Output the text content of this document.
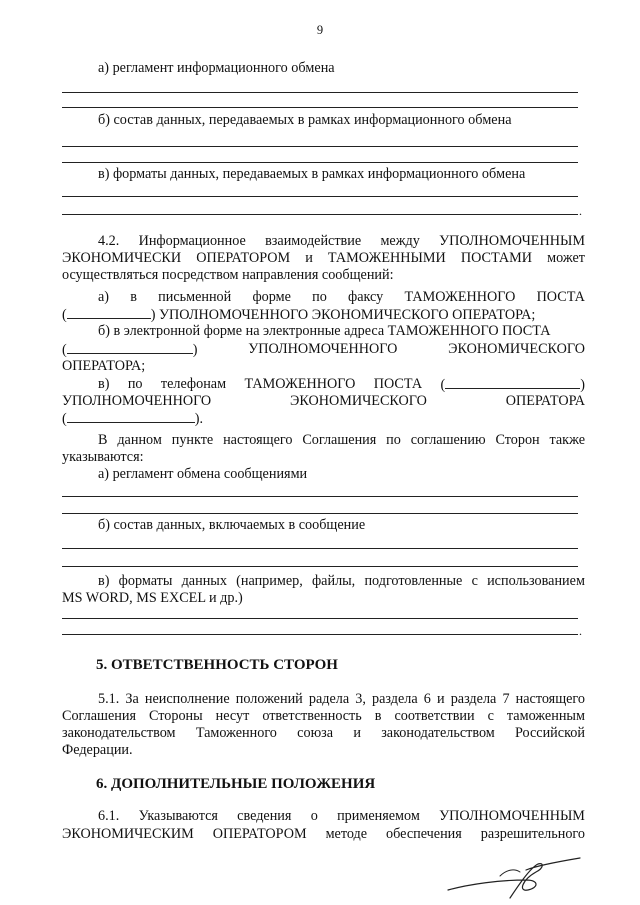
9
а) регламент информационного обмена
б) состав данных, передаваемых в рамках информационного обмена
в) форматы данных, передаваемых в рамках информационного обмена
.
4.2. Информационное взаимодействие между УПОЛНОМОЧЕННЫМ
ЭКОНОМИЧЕСКИ ОПЕРАТОРОМ и ТАМОЖЕННЫМИ ПОСТАМИ может
осуществляться посредством направления сообщений:
а) в письменной форме по факсу ТАМОЖЕННОГО ПОСТА
(	) УПОЛНОМОЧЕННОГО ЭКОНОМИЧЕСКОГО ОПЕРАТОРА;
б) в электронной форме на электронные адреса ТАМОЖЕННОГО ПОСТА
(	)	УПОЛНОМОЧЕННОГО	ЭКОНОМИЧЕСКОГО
ОПЕРАТОРА;
в) по телефонам ТАМОЖЕННОГО ПОСТА (	)
УПОЛНОМОЧЕННОГО	ЭКОНОМИЧЕСКОГО	ОПЕРАТОРА
(	).
В данном пункте настоящего Соглашения по соглашению Сторон также
указываются:
а) регламент обмена сообщениями
б) состав данных, включаемых в сообщение
в) форматы данных (например, файлы, подготовленные с использованием
MS WORD, MS EXCEL и др.)
.
5. ОТВЕТСТВЕННОСТЬ СТОРОН
5.1. За неисполнение положений радела 3, раздела 6 и раздела 7 настоящего
Соглашения Стороны несут ответственность в соответствии с таможенным
законодательством Таможенного союза и законодательством Российской
Федерации.
6. ДОПОЛНИТЕЛЬНЫЕ ПОЛОЖЕНИЯ
6.1. Указываются сведения о применяемом УПОЛНОМОЧЕННЫМ
ЭКОНОМИЧЕСКИМ ОПЕРАТОРОМ методе обеспечения разрешительного
